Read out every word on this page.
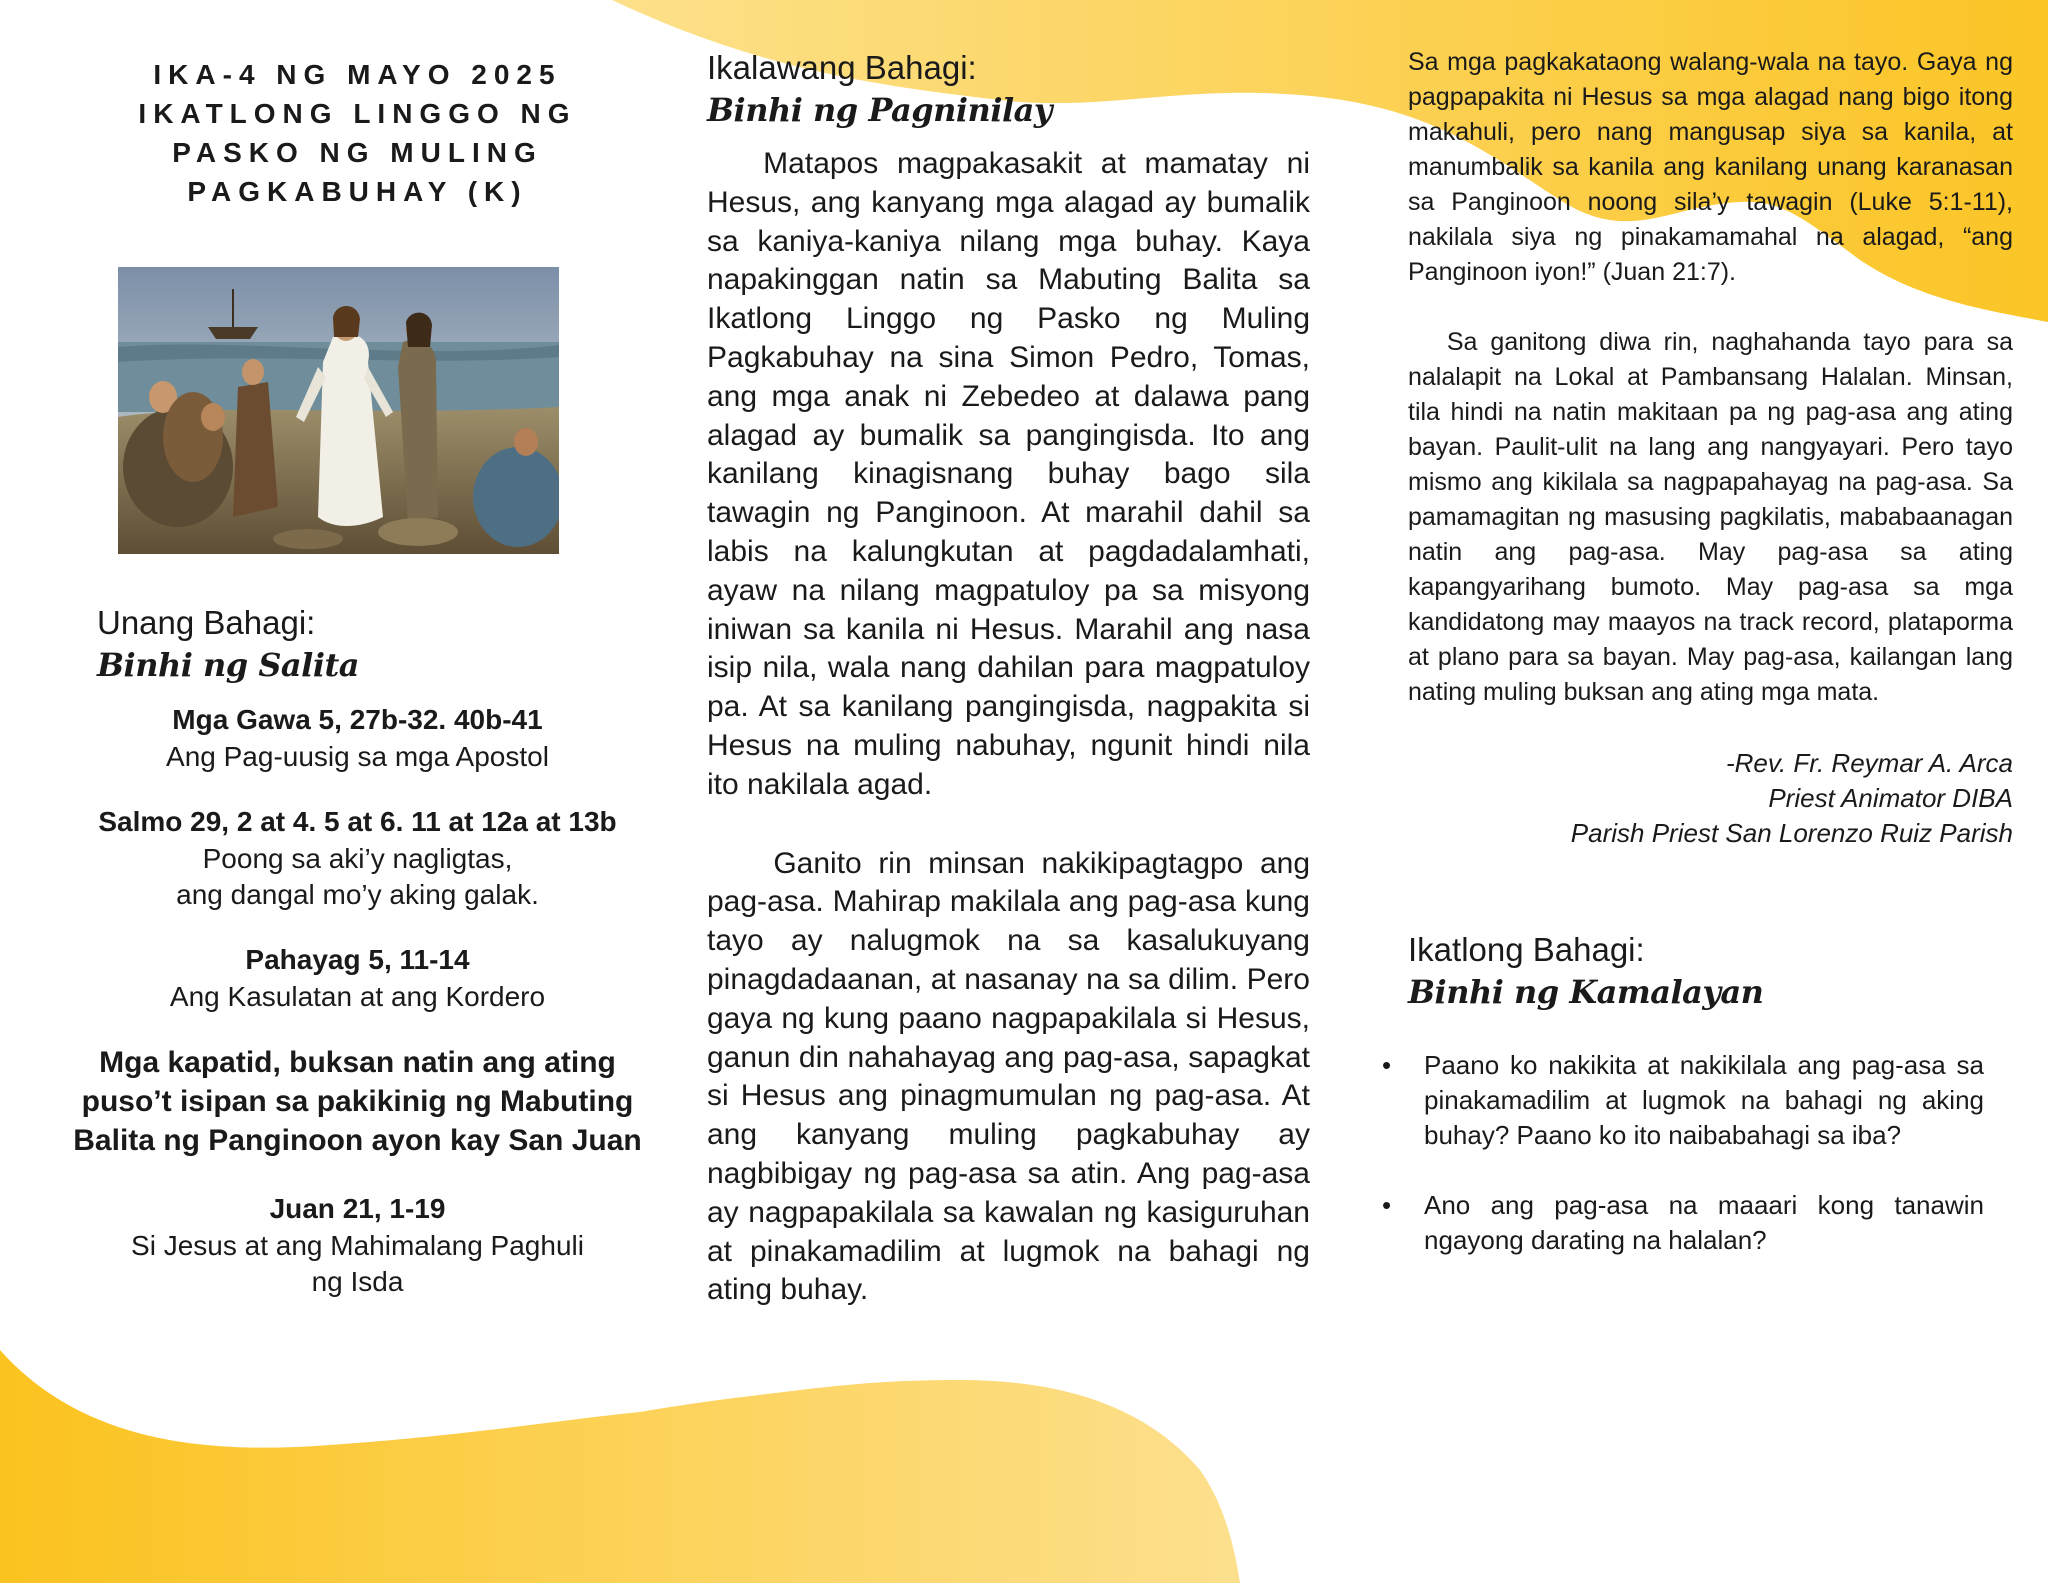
IKA-4 NG MAYO 2025
IKATLONG LINGGO NG
PASKO NG MULING
PAGKABUHAY (K)
Unang Bahagi:
Binhi ng Salita
Mga Gawa 5, 27b-32. 40b-41
Ang Pag-uusig sa mga Apostol
Salmo 29, 2 at 4. 5 at 6. 11 at 12a at 13b
Poong sa aki’y nagligtas,
ang dangal mo’y aking galak.
Pahayag 5, 11-14
Ang Kasulatan at ang Kordero
Mga kapatid, buksan natin ang ating puso’t isipan sa pakikinig ng Mabuting Balita ng Panginoon ayon kay San Juan
Juan 21, 1-19
Si Jesus at ang Mahimalang Paghuli
ng Isda
Ikalawang Bahagi:
Binhi ng Pagninilay

Matapos magpakasakit at mamatay ni Hesus, ang kanyang mga alagad ay bumalik sa kaniya-kaniya nilang mga buhay. Kaya napakinggan natin sa Mabuting Balita sa Ikatlong Linggo ng Pasko ng Muling Pagkabuhay na sina Simon Pedro, Tomas, ang mga anak ni Zebedeo at dalawa pang alagad ay bumalik sa pangingisda. Ito ang kanilang kinagisnang buhay bago sila tawagin ng Panginoon. At marahil dahil sa labis na kalungkutan at pagdadalamhati, ayaw na nilang magpatuloy pa sa misyong iniwan sa kanila ni Hesus. Marahil ang nasa isip nila, wala nang dahilan para magpatuloy pa. At sa kanilang pangingisda, nagpakita si Hesus na muling nabuhay, ngunit hindi nila ito nakilala agad.

Ganito rin minsan nakikipagtagpo ang pag-asa. Mahirap makilala ang pag-asa kung tayo ay nalugmok na sa kasalukuyang pinagdadaanan, at nasanay na sa dilim. Pero gaya ng kung paano nagpapakilala si Hesus, ganun din nahahayag ang pag-asa, sapagkat si Hesus ang pinagmumulan ng pag-asa. At ang kanyang muling pagkabuhay ay nagbibigay ng pag-asa sa atin. Ang pag-asa ay nagpapakilala sa kawalan ng kasiguruhan at pinakamadilim at lugmok na bahagi ng ating buhay.

Sa mga pagkakataong walang-wala na tayo. Gaya ng pagpapakita ni Hesus sa mga alagad nang bigo itong makahuli, pero nang mangusap siya sa kanila, at manumbalik sa kanila ang kanilang unang karanasan sa Panginoon noong sila’y tawagin (Luke 5:1-11), nakilala siya ng pinakamamahal na alagad, “ang Panginoon iyon!” (Juan 21:7).

Sa ganitong diwa rin, naghahanda tayo para sa nalalapit na Lokal at Pambansang Halalan. Minsan, tila hindi na natin makitaan pa ng pag-asa ang ating bayan. Paulit-ulit na lang ang nangyayari. Pero tayo mismo ang kikilala sa nagpapahayag na pag-asa. Sa pamamagitan ng masusing pagkilatis, mababaanagan natin ang pag-asa. May pag-asa sa ating kapangyarihang bumoto. May pag-asa sa mga kandidatong may maayos na track record, plataporma at plano para sa bayan. May pag-asa, kailangan lang nating muling buksan ang ating mga mata.

-Rev. Fr. Reymar A. Arca
Priest Animator DIBA
Parish Priest San Lorenzo Ruiz Parish
Ikatlong Bahagi:
Binhi ng Kamalayan
• Paano ko nakikita at nakikilala ang pag-asa sa pinakamadilim at lugmok na bahagi ng aking buhay? Paano ko ito naibabahagi sa iba?
• Ano ang pag-asa na maaari kong tanawin ngayong darating na halalan?
